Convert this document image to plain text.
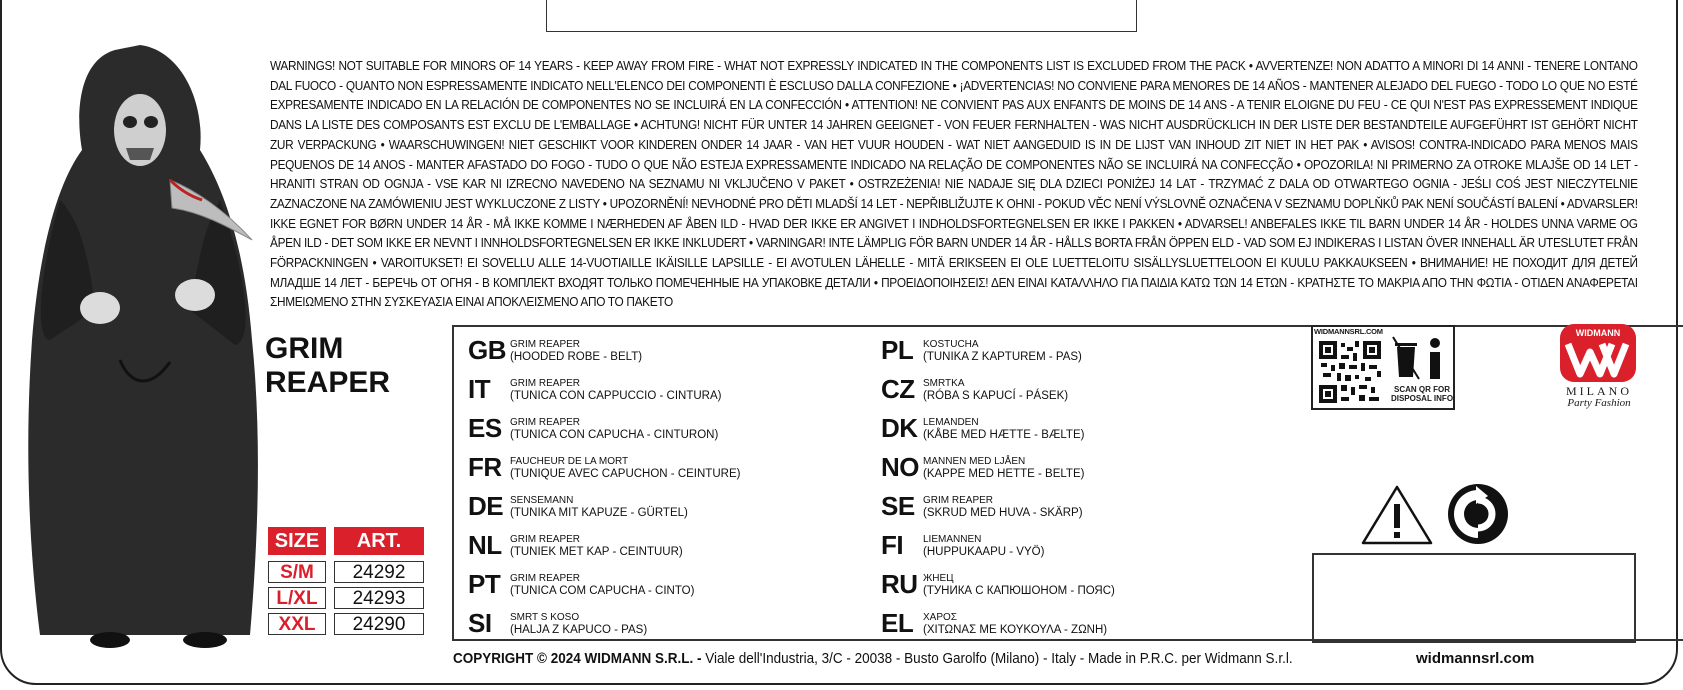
WARNINGS! NOT SUITABLE FOR MINORS OF 14 YEARS - KEEP AWAY FROM FIRE - WHAT NOT EXPRESSLY INDICATED IN THE COMPONENTS LIST IS EXCLUDED FROM THE PACK • AVVERTENZE! NON ADATTO A MINORI DI 14 ANNI - TENERE LONTANO DAL FUOCO - QUANTO NON ESPRESSAMENTE INDICATO NELL'ELENCO DEI COMPONENTI È ESCLUSO DALLA CONFEZIONE • ¡ADVERTENCIAS! NO CONVIENE PARA MENORES DE 14 AÑOS - MANTENER ALEJADO DEL FUEGO - TODO LO QUE NO ESTÉ EXPRESAMENTE INDICADO EN LA RELACIÓN DE COMPONENTES NO SE INCLUIRÁ EN LA CONFECCIÓN • ATTENTION! NE CONVIENT PAS AUX ENFANTS DE MOINS DE 14 ANS - A TENIR ELOIGNE DU FEU - CE QUI N'EST PAS EXPRESSEMENT INDIQUE DANS LA LISTE DES COMPOSANTS EST EXCLU DE L'EMBALLAGE • ACHTUNG! NICHT FÜR UNTER 14 JAHREN GEEIGNET - VON FEUER FERNHALTEN - WAS NICHT AUSDRÜCKLICH IN DER LISTE DER BESTANDTEILE AUFGEFÜHRT IST GEHÖRT NICHT ZUR VERPACKUNG • WAARSCHUWINGEN! NIET GESCHIKT VOOR KINDEREN ONDER 14 JAAR - VAN HET VUUR HOUDEN - WAT NIET AANGEDUID IS IN DE LIJST VAN INHOUD ZIT NIET IN HET PAK • AVISOS! CONTRA-INDICADO PARA MENOS MAIS PEQUENOS DE 14 ANOS - MANTER AFASTADO DO FOGO - TUDO O QUE NÃO ESTEJA EXPRESSAMENTE INDICADO NA RELAÇÃO DE COMPONENTES NÃO SE INCLUIRÁ NA CONFECÇÃO • OPOZORILA! NI PRIMERNO ZA OTROKE MLAJŠE OD 14 LET - HRANITI STRAN OD OGNJA - VSE KAR NI IZRECNO NAVEDENO NA SEZNAMU NI VKLJUČENO V PAKET • OSTRZEŻENIA! NIE NADAJE SIĘ DLA DZIECI PONIŻEJ 14 LAT - TRZYMAĆ Z DALA OD OTWARTEGO OGNIA - JEŚLI COŚ JEST NIECZYTELNIE ZAZNACZONE NA ZAMÓWIENIU JEST WYKLUCZONE Z LISTY • UPOZORNĚNÍ! NEVHODNÉ PRO DĚTI MLADŠÍ 14 LET - NEPŘIBLIŽUJTE K OHNI - POKUD VĚC NENÍ VÝSLOVNĚ OZNAČENA V SEZNAMU DOPLŇKŮ PAK NENÍ SOUČÁSTÍ BALENÍ • ADVARSLER! IKKE EGNET FOR BØRN UNDER 14 ÅR - MÅ IKKE KOMME I NÆRHEDEN AF ÅBEN ILD - HVAD DER IKKE ER ANGIVET I INDHOLDSFORTEGNELSEN ER IKKE I PAKKEN • ADVARSEL! ANBEFALES IKKE TIL BARN UNDER 14 ÅR - HOLDES UNNA VARME OG ÅPEN ILD - DET SOM IKKE ER NEVNT I INNHOLDSFORTEGNELSEN ER IKKE INKLUDERT • VARNINGAR! INTE LÄMPLIG FÖR BARN UNDER 14 ÅR - HÅLLS BORTA FRÅN ÖPPEN ELD - VAD SOM EJ INDIKERAS I LISTAN ÖVER INNEHALL ÄR UTESLUTET FRÅN FÖRPACKNINGEN • VAROITUKSET! EI SOVELLU ALLE 14-VUOTIAILLE IKÄISILLE LAPSILLE - EI AVOTULEN LÄHELLE - MITÄ ERIKSEEN EI OLE LUETTELOITU SISÄLLYSLUETTELOON EI KUULU PAKKAUKSEEN • ВНИМАНИЕ! НЕ ПОХОДИТ ДЛЯ ДЕТЕЙ МЛАДШЕ 14 ЛЕТ - БЕРЕЧЬ ОТ ОГНЯ - В КОМПЛЕКТ ВХОДЯТ ТОЛЬКО ПОМЕЧЕННЫЕ НА УПАКОВКЕ ДЕТАЛИ • ΠΡΟΕΙΔΟΠΟΙΗΣΕΙΣ! ΔΕΝ ΕΙΝΑΙ ΚΑΤΑΛΛΗΛΟ ΓΙΑ ΠΑΙΔΙΑ ΚΑΤΩ ΤΩΝ 14 ΕΤΩΝ - ΚΡΑΤΗΣΤΕ ΤΟ ΜΑΚΡΙΑ ΑΠΟ ΤΗΝ ΦΩΤΙΑ - ΟΤΙΔΕΝ ΑΝΑΦΕΡΕΤΑΙ ΣΗΜΕΙΩΜΕΝΟ ΣΤΗΝ ΣΥΣΚΕΥΑΣΙΑ ΕΙΝΑΙ ΑΠΟΚΛΕΙΣΜΕΝΟ ΑΠΟ ΤΟ ΠΑΚΕΤΟ
GRIM
REAPER
SIZE	ART.
S/M	24292
L/XL	24293
XXL	24290
GB GRIM REAPER
(HOODED ROBE - BELT)
IT	GRIM REAPER
(TUNICA CON CAPPUCCIO - CINTURA)
ES GRIM REAPER
(TUNICA CON CAPUCHA - CINTURON)
FR FAUCHEUR DE LA MORT
(TUNIQUE AVEC CAPUCHON - CEINTURE)
DE SENSEMANN
(TUNIKA MIT KAPUZE - GÜRTEL)
NL GRIM REAPER
(TUNIEK MET KAP - CEINTUUR)
PT GRIM REAPER
(TUNICA COM CAPUCHA - CINTO)
SI	SMRT S KOSO
(HALJA Z KAPUCO - PAS)
PL KOSTUCHA
(TUNIKA Z KAPTUREM - PAS)
CZ SMRTKA
(RÓBA S KAPUCÍ - PÁSEK)
DK LEMANDEN
(KÅBE MED HÆTTE - BÆLTE)
NO MANNEN MED LJÅEN
(KAPPE MED HETTE - BELTE)
SE GRIM REAPER
(SKRUD MED HUVA - SKÄRP)
FI	LIEMANNEN
(HUPPUKAAPU - VYÖ)
RU ЖНЕЦ
(ТУНИКА С КАПЮШОНОМ - ПОЯС)
EL ΧΑΡΟΣ
(ΧΙΤΩΝΑΣ ΜΕ ΚΟΥΚΟΥΛΑ - ΖΩΝΗ)
WIDMANNSRL.COM
SCAN QR FOR DISPOSAL INFO
WIDMANN
MILANO
Party Fashion
COPYRIGHT © 2024 WIDMANN S.R.L. - Viale dell'Industria, 3/C - 20038 - Busto Garolfo (Milano) - Italy - Made in P.R.C. per Widmann S.r.l.	widmannsrl.com
